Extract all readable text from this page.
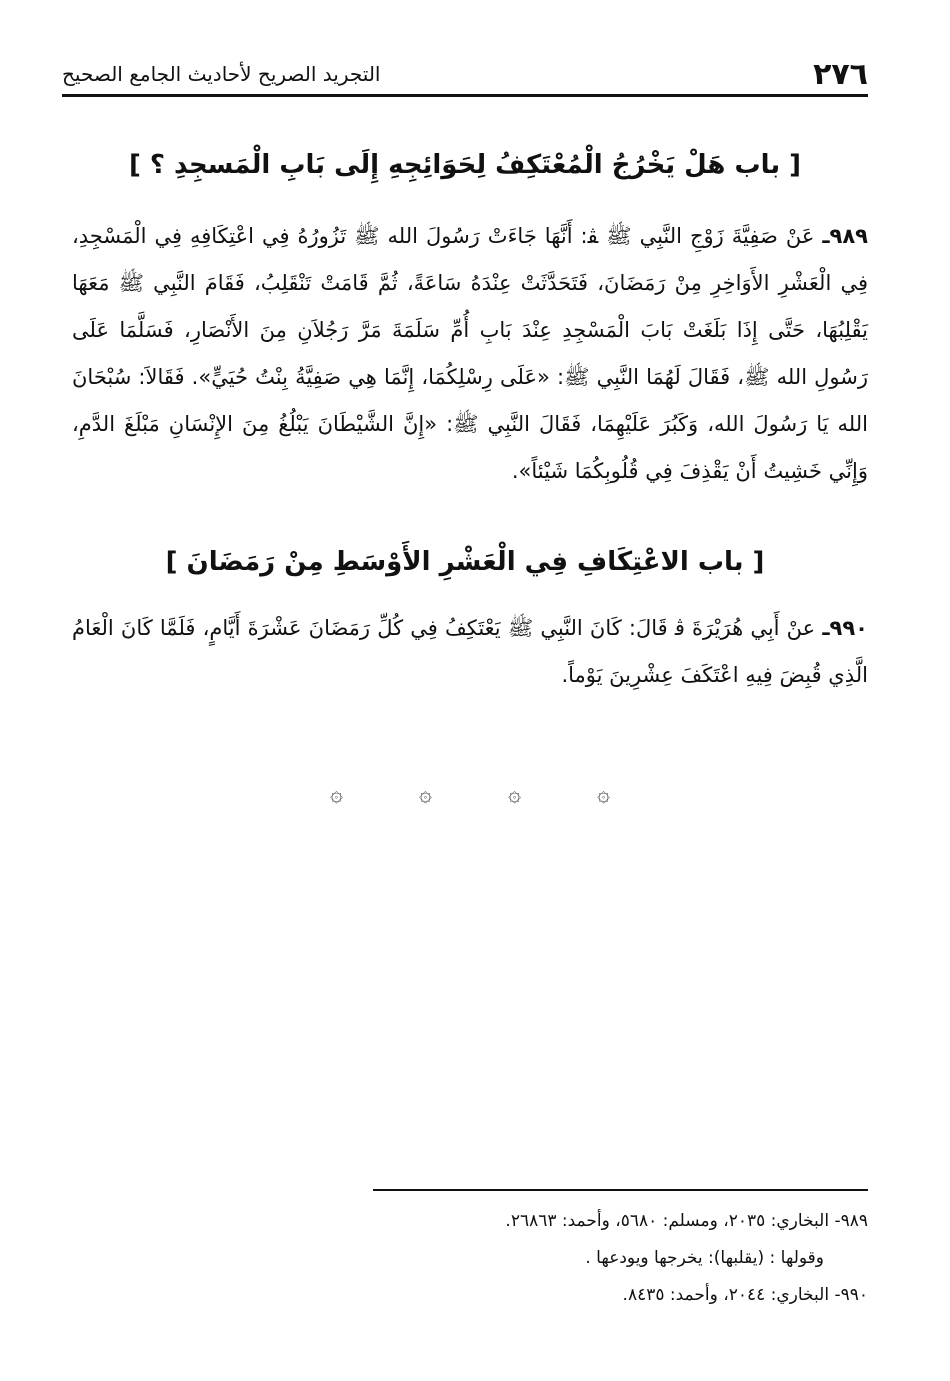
٢٧٦
التجريد الصريح لأحاديث الجامع الصحيح
[ باب هَلْ يَخْرُجُ الْمُعْتَكِفُ لِحَوَائِجِهِ إِلَى بَابِ الْمَسجِدِ ؟ ]
٩٨٩ـ عَنْ صَفِيَّةَ زَوْجِ النَّبِي ﷺ ﭭ: أَنَّهَا جَاءَتْ رَسُولَ الله ﷺ تَزُورُهُ فِي اعْتِكَافِهِ فِي الْمَسْجِدِ، فِي الْعَشْرِ الأَوَاخِرِ مِنْ رَمَضَانَ، فَتَحَدَّثَتْ عِنْدَهُ سَاعَةً، ثُمَّ قَامَتْ تَنْقَلِبُ، فَقَامَ النَّبِي ﷺ مَعَهَا يَقْلِبُهَا، حَتَّى إِذَا بَلَغَتْ بَابَ الْمَسْجِدِ عِنْدَ بَابِ أُمِّ سَلَمَةَ مَرَّ رَجُلاَنِ مِنَ الأَنْصَارِ، فَسَلَّمَا عَلَى رَسُولِ الله ﷺ، فَقَالَ لَهُمَا النَّبِي ﷺ: «عَلَى رِسْلِكُمَا، إِنَّمَا هِي صَفِيَّةُ بِنْتُ حُيَيٍّ». فَقَالاَ: سُبْحَانَ الله يَا رَسُولَ الله، وَكَبُرَ عَلَيْهِمَا، فَقَالَ النَّبِي ﷺ: «إِنَّ الشَّيْطَانَ يَبْلُغُ مِنَ الإِنْسَانِ مَبْلَغَ الدَّمِ، وَإِنِّي خَشِيتُ أَنْ يَقْذِفَ فِي قُلُوبِكُمَا شَيْئاً».
[ باب الاعْتِكَافِ فِي الْعَشْرِ الأَوْسَطِ مِنْ رَمَضَانَ ]
٩٩٠ـ عنْ أَبِي هُرَيْرَةَ ﭬ قَالَ: كَانَ النَّبِي ﷺ يَعْتَكِفُ فِي كُلِّ رَمَضَانَ عَشْرَةَ أَيَّامٍ، فَلَمَّا كَانَ الْعَامُ الَّذِي قُبِضَ فِيهِ اعْتَكَفَ عِشْرِينَ يَوْماً.
۞	۞	۞	۞
٩٨٩- البخاري: ٢٠٣٥، ومسلم: ٥٦٨٠، وأحمد: ٢٦٨٦٣.
وقولها : (يقلبها): يخرجها ويودعها .
٩٩٠- البخاري: ٢٠٤٤، وأحمد: ٨٤٣٥.
